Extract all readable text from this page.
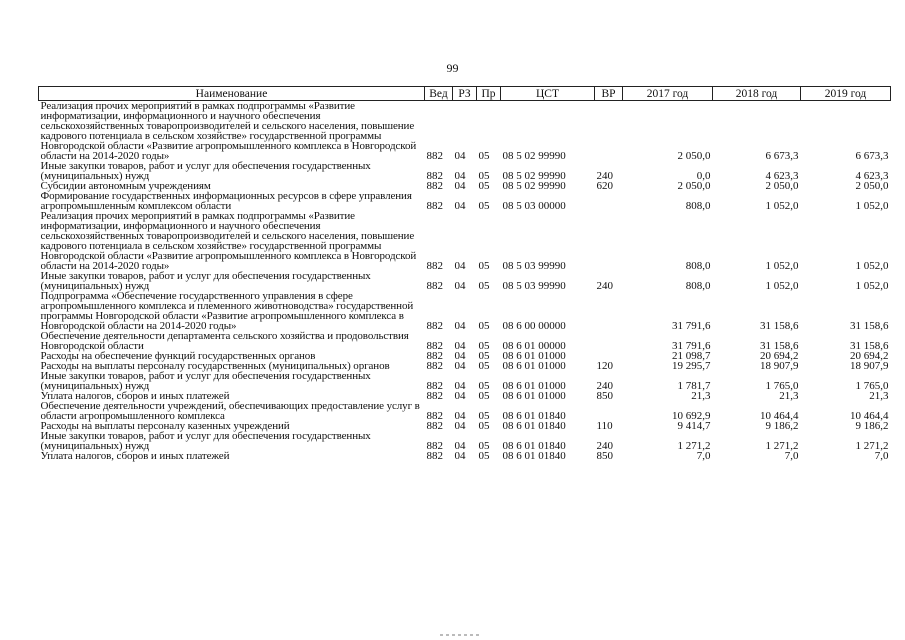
99
Наименование	Вед	РЗ	Пр	ЦСТ	ВР	2017 год	2018 год	2019 год
Реализация прочих мероприятий в рамках подпрограммы «Развитие информатизации, информационного и научного обеспечения сельскохозяйственных товаропроизводителей и сельского населения, повышение кадрового потенциала в сельском хозяйстве» государственной программы Новгородской области «Развитие агропромышленного комплекса в Новгородской области на 2014-2020 годы»	882	04	05	08 5 02 99990		2 050,0	6 673,3	6 673,3
Иные закупки товаров, работ и услуг для обеспечения государственных (муниципальных) нужд	882	04	05	08 5 02 99990	240	0,0	4 623,3	4 623,3
Субсидии автономным учреждениям	882	04	05	08 5 02 99990	620	2 050,0	2 050,0	2 050,0
Формирование государственных информационных ресурсов в сфере управления агропромышленным комплексом области	882	04	05	08 5 03 00000		808,0	1 052,0	1 052,0
Реализация прочих мероприятий в рамках подпрограммы «Развитие информатизации, информационного и научного обеспечения сельскохозяйственных товаропроизводителей и сельского населения, повышение кадрового потенциала в сельском хозяйстве» государственной программы Новгородской области «Развитие агропромышленного комплекса в Новгородской области на 2014-2020 годы»	882	04	05	08 5 03 99990		808,0	1 052,0	1 052,0
Иные закупки товаров, работ и услуг для обеспечения государственных (муниципальных) нужд	882	04	05	08 5 03 99990	240	808,0	1 052,0	1 052,0
Подпрограмма «Обеспечение государственного управления в сфере агропромышленного комплекса и племенного животноводства» государственной программы Новгородской области «Развитие агропромышленного комплекса в Новгородской области на 2014-2020 годы»	882	04	05	08 6 00 00000		31 791,6	31 158,6	31 158,6
Обеспечение деятельности департамента сельского хозяйства и продовольствия Новгородской области	882	04	05	08 6 01 00000		31 791,6	31 158,6	31 158,6
Расходы на обеспечение функций государственных органов	882	04	05	08 6 01 01000		21 098,7	20 694,2	20 694,2
Расходы на выплаты персоналу государственных (муниципальных) органов	882	04	05	08 6 01 01000	120	19 295,7	18 907,9	18 907,9
Иные закупки товаров, работ и услуг для обеспечения государственных (муниципальных) нужд	882	04	05	08 6 01 01000	240	1 781,7	1 765,0	1 765,0
Уплата налогов, сборов и иных платежей	882	04	05	08 6 01 01000	850	21,3	21,3	21,3
Обеспечение деятельности учреждений, обеспечивающих предоставление услуг в области агропромышленного комплекса	882	04	05	08 6 01 01840		10 692,9	10 464,4	10 464,4
Расходы на выплаты персоналу казенных учреждений	882	04	05	08 6 01 01840	110	9 414,7	9 186,2	9 186,2
Иные закупки товаров, работ и услуг для обеспечения государственных (муниципальных) нужд	882	04	05	08 6 01 01840	240	1 271,2	1 271,2	1 271,2
Уплата налогов, сборов и иных платежей	882	04	05	08 6 01 01840	850	7,0	7,0	7,0
